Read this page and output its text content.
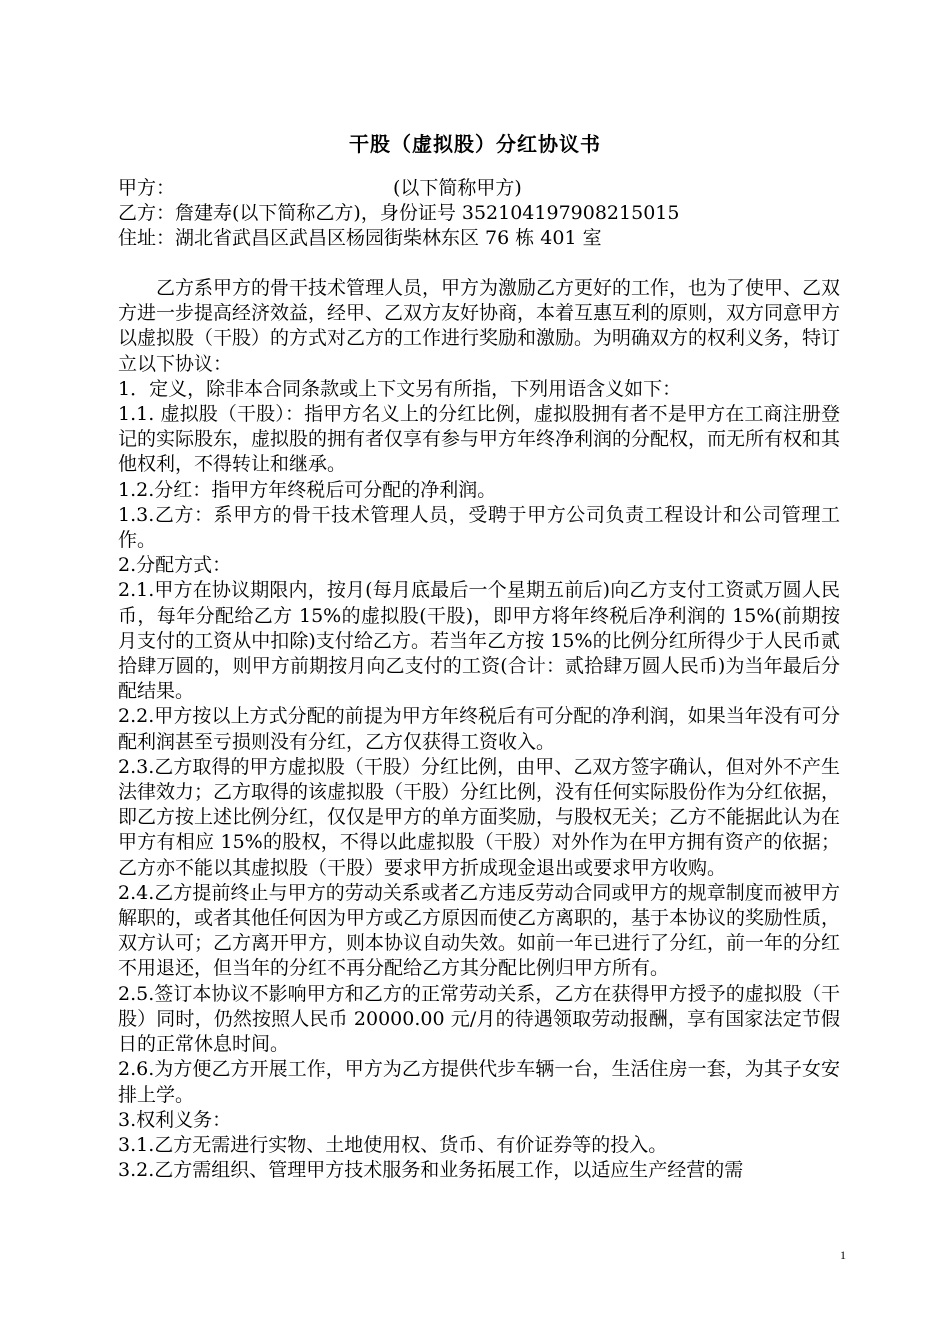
干股（虚拟股）分红协议书

甲方：	(以下简称甲方)

乙方：詹建寿(以下简称乙方)，身份证号 352104197908215015

住址：湖北省武昌区武昌区杨园街柴林东区 76 栋 401 室

乙方系甲方的骨干技术管理人员，甲方为激励乙方更好的工作，也为了使甲、乙双方进一步提高经济效益，经甲、乙双方友好协商，本着互惠互利的原则，双方同意甲方以虚拟股（干股）的方式对乙方的工作进行奖励和激励。为明确双方的权利义务，特订立以下协议：

1．定义，除非本合同条款或上下文另有所指，下列用语含义如下：

1.1. 虚拟股（干股）：指甲方名义上的分红比例，虚拟股拥有者不是甲方在工商注册登记的实际股东，虚拟股的拥有者仅享有参与甲方年终净利润的分配权，而无所有权和其他权利，不得转让和继承。

1.2.分红：指甲方年终税后可分配的净利润。

1.3.乙方：系甲方的骨干技术管理人员，受聘于甲方公司负责工程设计和公司管理工作。

2.分配方式：

2.1.甲方在协议期限内，按月(每月底最后一个星期五前后)向乙方支付工资贰万圆人民币，每年分配给乙方 15%的虚拟股(干股)，即甲方将年终税后净利润的 15%(前期按月支付的工资从中扣除)支付给乙方。若当年乙方按 15%的比例分红所得少于人民币贰拾肆万圆的，则甲方前期按月向乙支付的工资(合计：贰拾肆万圆人民币)为当年最后分配结果。

2.2.甲方按以上方式分配的前提为甲方年终税后有可分配的净利润，如果当年没有可分配利润甚至亏损则没有分红，乙方仅获得工资收入。

2.3.乙方取得的甲方虚拟股（干股）分红比例，由甲、乙双方签字确认，但对外不产生法律效力；乙方取得的该虚拟股（干股）分红比例，没有任何实际股份作为分红依据，即乙方按上述比例分红，仅仅是甲方的单方面奖励，与股权无关；乙方不能据此认为在甲方有相应 15%的股权，不得以此虚拟股（干股）对外作为在甲方拥有资产的依据；乙方亦不能以其虚拟股（干股）要求甲方折成现金退出或要求甲方收购。

2.4.乙方提前终止与甲方的劳动关系或者乙方违反劳动合同或甲方的规章制度而被甲方解职的，或者其他任何因为甲方或乙方原因而使乙方离职的，基于本协议的奖励性质，双方认可；乙方离开甲方，则本协议自动失效。如前一年已进行了分红，前一年的分红不用退还，但当年的分红不再分配给乙方其分配比例归甲方所有。

2.5.签订本协议不影响甲方和乙方的正常劳动关系，乙方在获得甲方授予的虚拟股（干股）同时，仍然按照人民币 20000.00 元/月的待遇领取劳动报酬，享有国家法定节假日的正常休息时间。

2.6.为方便乙方开展工作，甲方为乙方提供代步车辆一台，生活住房一套，为其子女安排上学。

3.权利义务：

3.1.乙方无需进行实物、土地使用权、货币、有价证券等的投入。

3.2.乙方需组织、管理甲方技术服务和业务拓展工作，以适应生产经营的需

1
